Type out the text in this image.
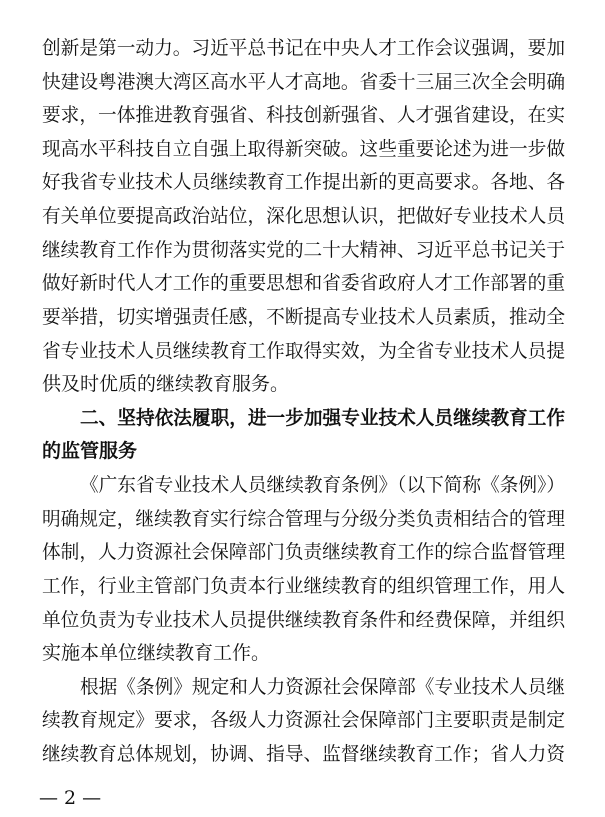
— 2 —
创新是第一动力。习近平总书记在中央人才工作会议强调，要加
快建设粤港澳大湾区高水平人才高地。省委十三届三次全会明确
要求，一体推进教育强省、科技创新强省、人才强省建设，在实
现高水平科技自立自强上取得新突破。这些重要论述为进一步做
好我省专业技术人员继续教育工作提出新的更高要求。各地、各
有关单位要提高政治站位，深化思想认识，把做好专业技术人员
继续教育工作作为贯彻落实党的二十大精神、习近平总书记关于
做好新时代人才工作的重要思想和省委省政府人才工作部署的重
要举措，切实增强责任感，不断提高专业技术人员素质，推动全
省专业技术人员继续教育工作取得实效，为全省专业技术人员提
供及时优质的继续教育服务。
二、坚持依法履职，进一步加强专业技术人员继续教育工作
的监管服务
《广东省专业技术人员继续教育条例》（以下简称《条例》）
明确规定，继续教育实行综合管理与分级分类负责相结合的管理
体制，人力资源社会保障部门负责继续教育工作的综合监督管理
工作，行业主管部门负责本行业继续教育的组织管理工作，用人
单位负责为专业技术人员提供继续教育条件和经费保障，并组织
实施本单位继续教育工作。
根据《条例》规定和人力资源社会保障部《专业技术人员继
续教育规定》要求，各级人力资源社会保障部门主要职责是制定
继续教育总体规划，协调、指导、监督继续教育工作；省人力资
